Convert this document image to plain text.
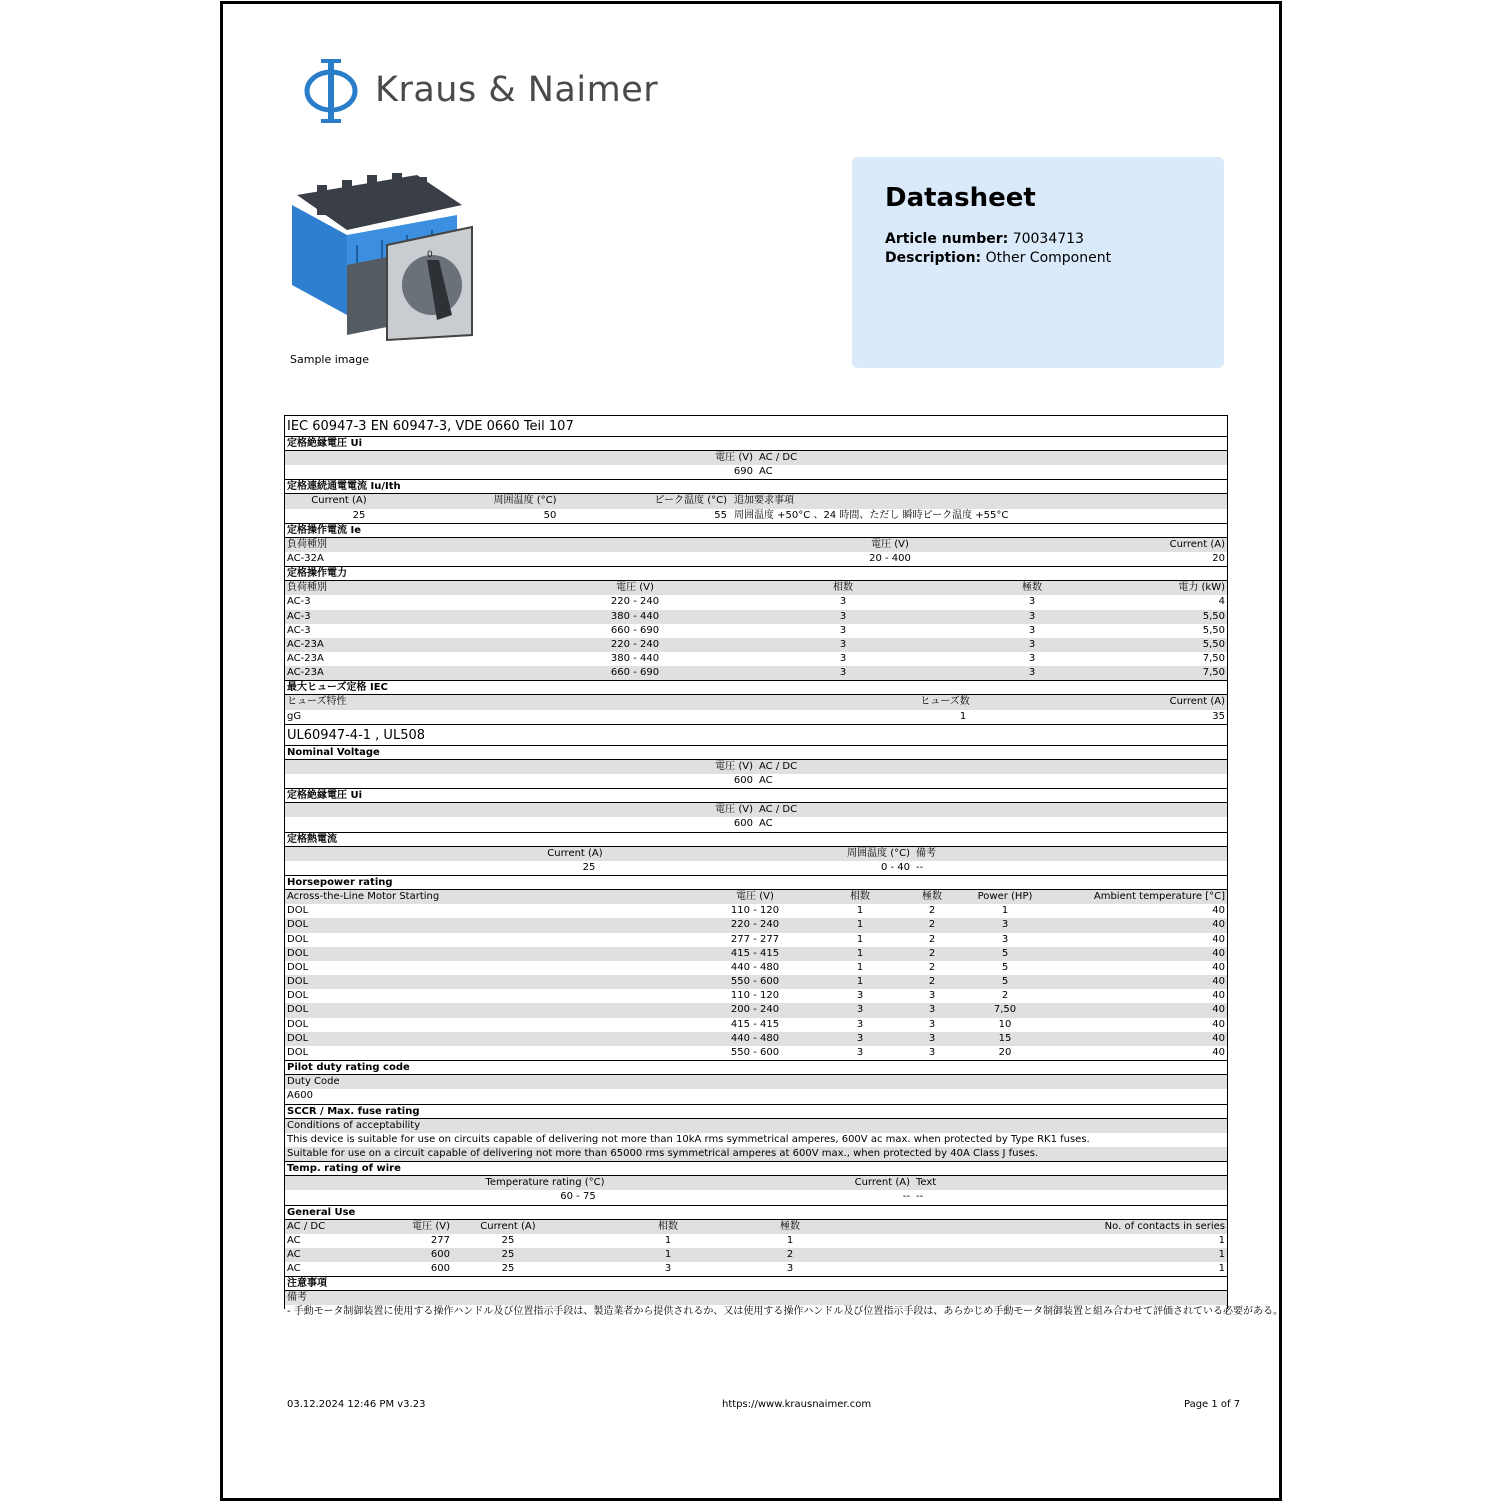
Kraus & Naimer
0
Sample image
Datasheet
Article number: 70034713
Description: Other Component
IEC 60947-3 EN 60947-3, VDE 0660 Teil 107
定格絶縁電圧 Ui
電圧 (V) AC / DC
690 AC
定格連続通電電流 Iu/Ith
Current (A)	周囲温度 (°C)	ピーク温度 (°C) 追加要求事項
25	50	55 周囲温度 +50°C 、24 時間、ただし 瞬時ピーク温度 +55°C
定格操作電流 Ie
負荷種別	電圧 (V)	Current (A)
AC-32A	20 - 400	20
定格操作電力
負荷種別	電圧 (V)	相数	極数	電力 (kW)
AC-3	220 - 240	3	3	4
AC-3	380 - 440	3	3	5,50
AC-3	660 - 690	3	3	5,50
AC-23A	220 - 240	3	3	5,50
AC-23A	380 - 440	3	3	7,50
AC-23A	660 - 690	3	3	7,50
最大ヒューズ定格 IEC
ヒューズ特性	ヒューズ数	Current (A)
gG	1	35
UL60947-4-1 , UL508
Nominal Voltage
電圧 (V) AC / DC
600 AC
定格絶縁電圧 Ui
電圧 (V) AC / DC
600 AC
定格熱電流
Current (A)	周囲温度 (°C) 備考
25	0 - 40 --
Horsepower rating
Across-the-Line Motor Starting	電圧 (V)	相数	極数	Power (HP)	Ambient temperature [°C]
DOL	110 - 120	1	2	1	40
DOL	220 - 240	1	2	3	40
DOL	277 - 277	1	2	3	40
DOL	415 - 415	1	2	5	40
DOL	440 - 480	1	2	5	40
DOL	550 - 600	1	2	5	40
DOL	110 - 120	3	3	2	40
DOL	200 - 240	3	3	7,50	40
DOL	415 - 415	3	3	10	40
DOL	440 - 480	3	3	15	40
DOL	550 - 600	3	3	20	40
Pilot duty rating code
Duty Code
A600
SCCR / Max. fuse rating
Conditions of acceptability
This device is suitable for use on circuits capable of delivering not more than 10kA rms symmetrical amperes, 600V ac max. when protected by Type RK1 fuses.
Suitable for use on a circuit capable of delivering not more than 65000 rms symmetrical amperes at 600V max., when protected by 40A Class J fuses.
Temp. rating of wire
Temperature rating (°C)	Current (A) Text
60 - 75	-- --
General Use
AC / DC	電圧 (V)	Current (A)	相数	極数	No. of contacts in series
AC	277	25	1	1	1
AC	600	25	1	2	1
AC	600	25	3	3	1
注意事項
備考
- 手動モータ制御装置に使用する操作ハンドル及び位置指示手段は、製造業者から提供されるか、又は使用する操作ハンドル及び位置指示手段は、あらかじめ手動モータ制御装置と組み合わせて評価されている必要がある。
03.12.2024 12:46 PM v3.23	https://www.krausnaimer.com	Page 1 of 7
